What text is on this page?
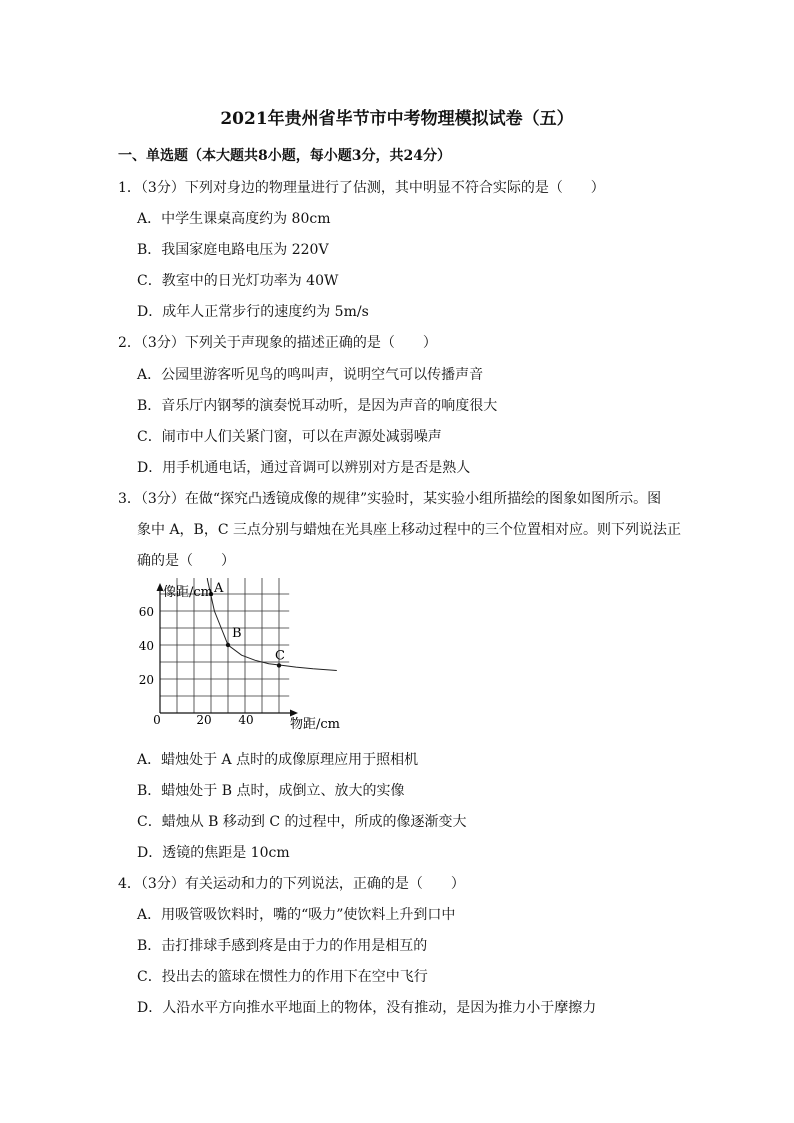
2021年贵州省毕节市中考物理模拟试卷（五）
一、单选题（本大题共8小题，每小题3分，共24分）
1．（3分）下列对身边的物理量进行了估测，其中明显不符合实际的是（　　）
A．中学生课桌高度约为 80cm
B．我国家庭电路电压为 220V
C．教室中的日光灯功率为 40W
D．成年人正常步行的速度约为 5m/s
2．（3分）下列关于声现象的描述正确的是（　　）
A．公园里游客听见鸟的鸣叫声，说明空气可以传播声音
B．音乐厅内钢琴的演奏悦耳动听，是因为声音的响度很大
C．闹市中人们关紧门窗，可以在声源处减弱噪声
D．用手机通电话，通过音调可以辨别对方是否是熟人
3．（3分）在做“探究凸透镜成像的规律”实验时，某实验小组所描绘的图象如图所示。图
象中 A，B，C 三点分别与蜡烛在光具座上移动过程中的三个位置相对应。则下列说法正
确的是（　　）
A
B
C
像距/cm
物距/cm
0	20 40
20
40
60
A．蜡烛处于 A 点时的成像原理应用于照相机
B．蜡烛处于 B 点时，成倒立、放大的实像
C．蜡烛从 B 移动到 C 的过程中，所成的像逐渐变大
D．透镜的焦距是 10cm
4．（3分）有关运动和力的下列说法，正确的是（　　）
A．用吸管吸饮料时，嘴的“吸力”使饮料上升到口中
B．击打排球手感到疼是由于力的作用是相互的
C．投出去的篮球在惯性力的作用下在空中飞行
D．人沿水平方向推水平地面上的物体，没有推动，是因为推力小于摩擦力
